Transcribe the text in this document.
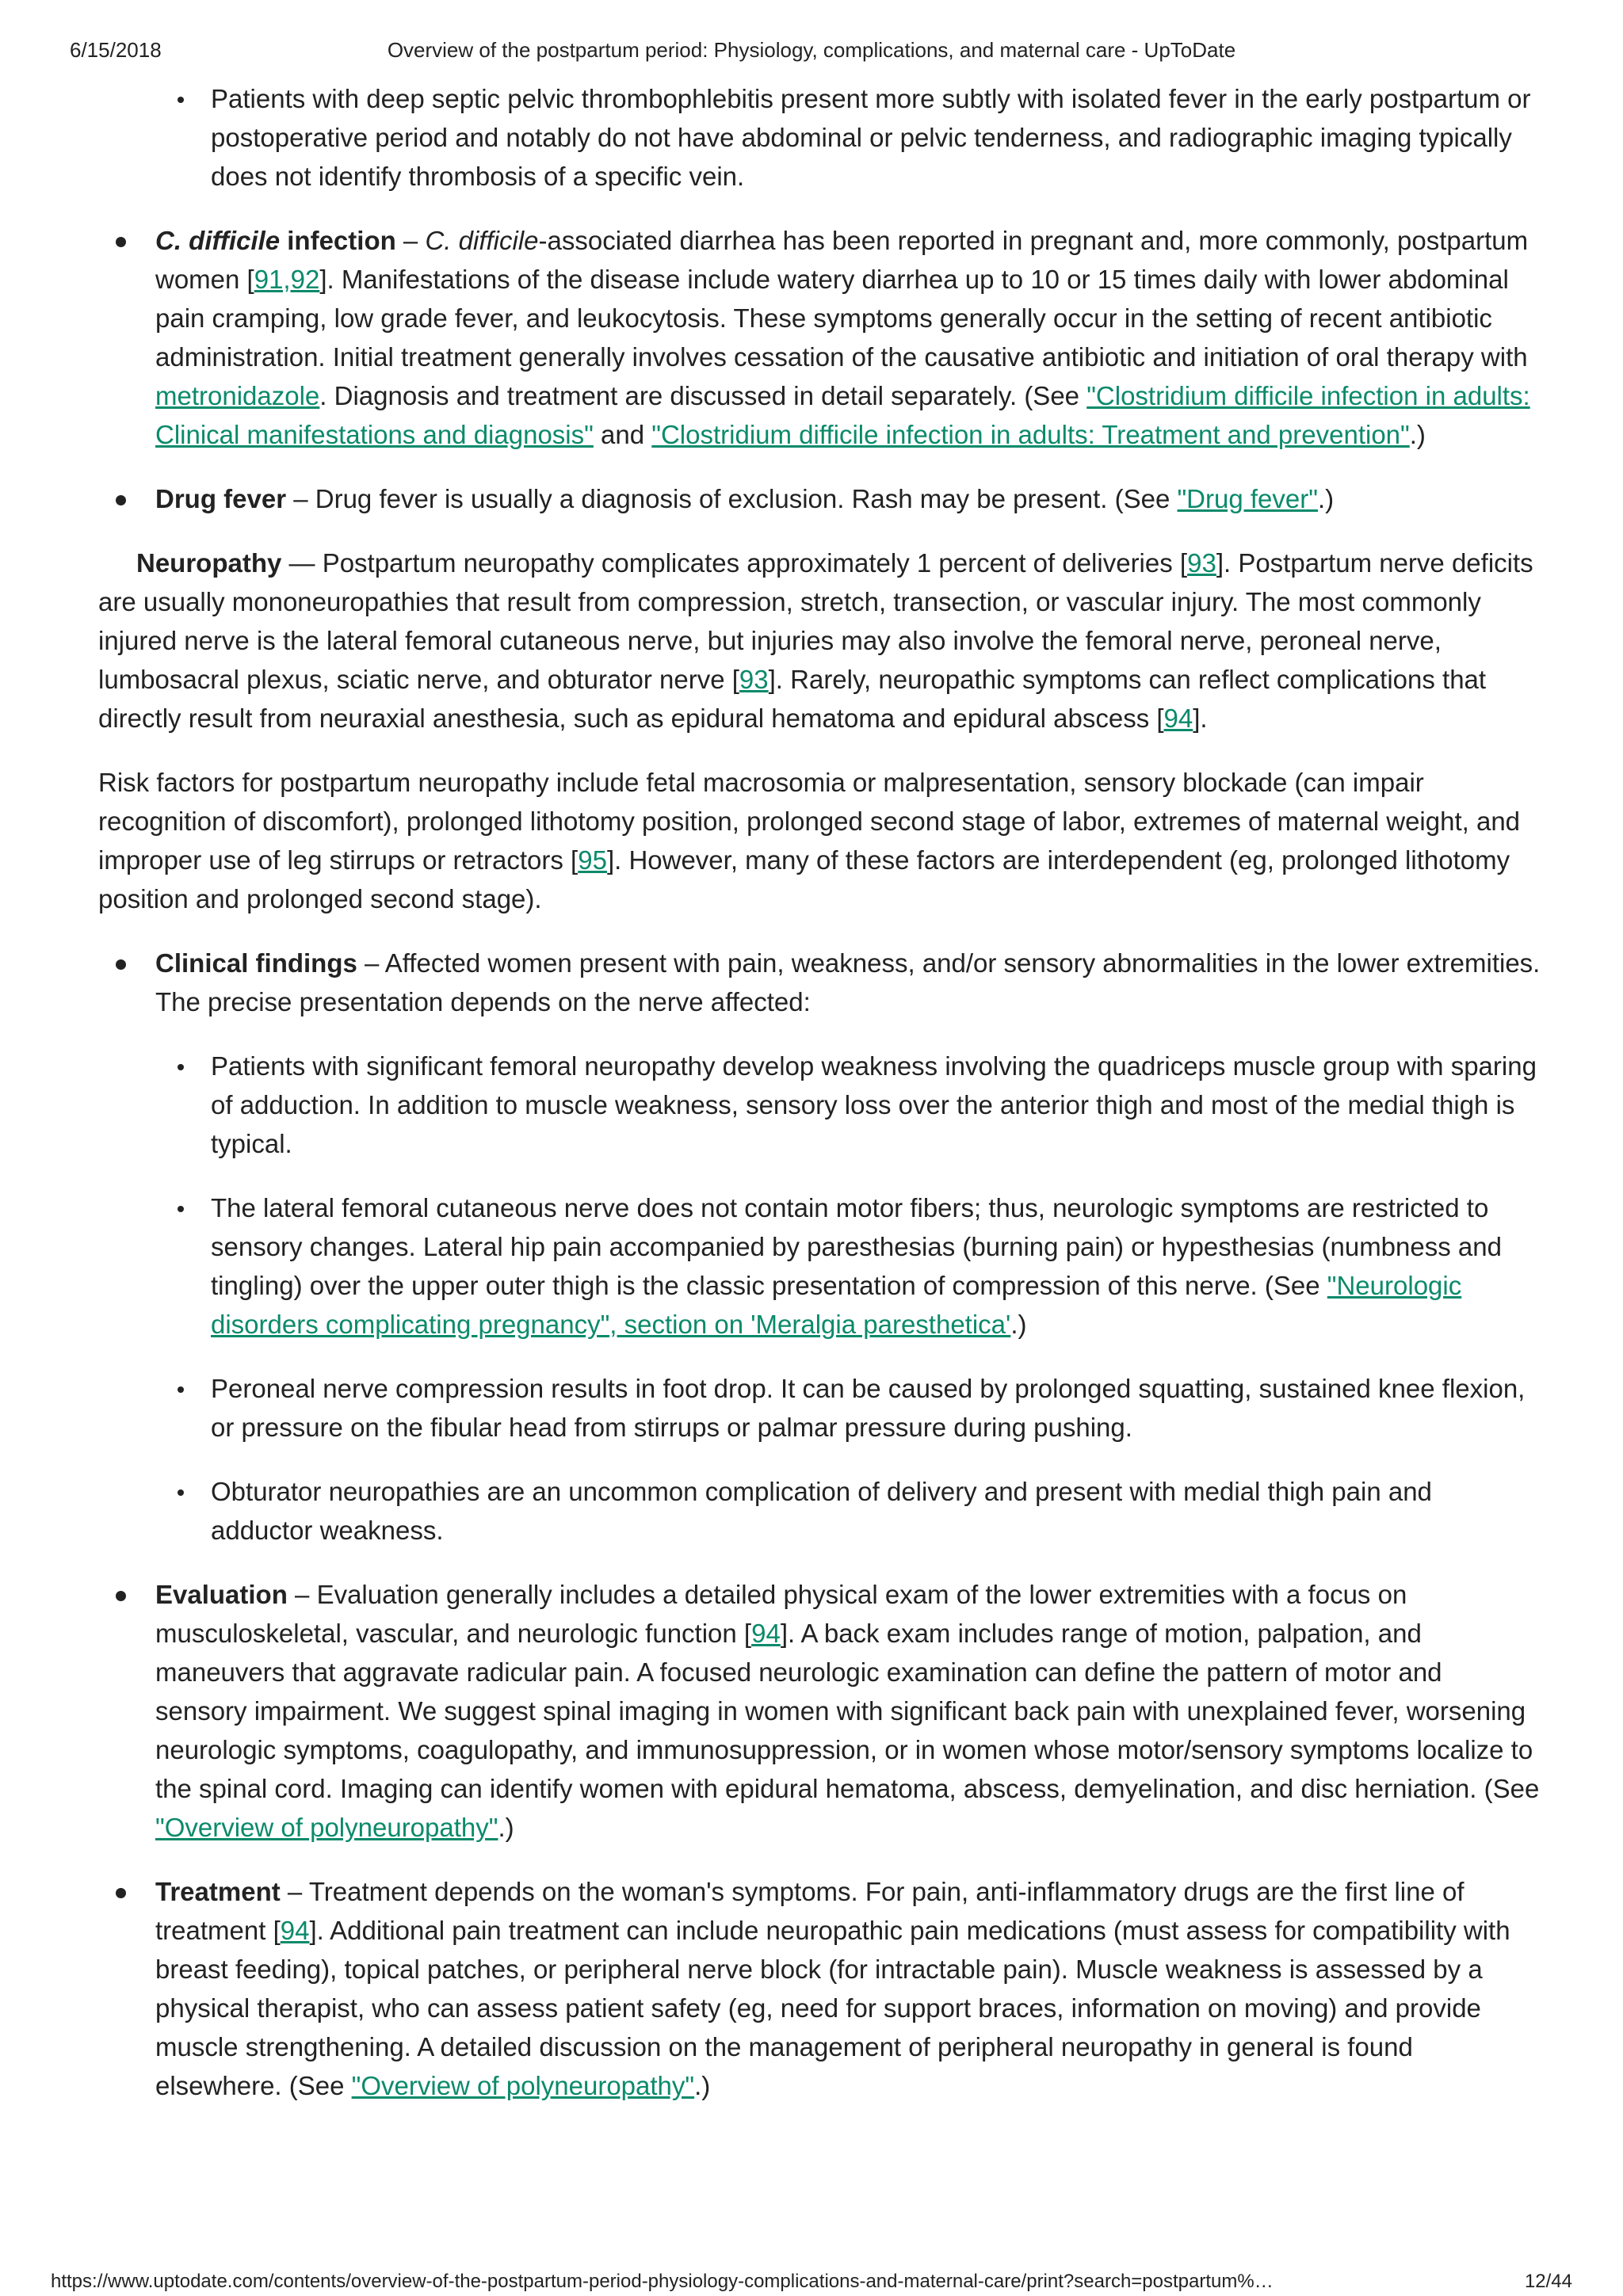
6/15/2018	Overview of the postpartum period: Physiology, complications, and maternal care - UpToDate

Patients with deep septic pelvic thrombophlebitis present more subtly with isolated fever in the early postpartum or postoperative period and notably do not have abdominal or pelvic tenderness, and radiographic imaging typically does not identify thrombosis of a specific vein.

C. difficile infection – C. difficile-associated diarrhea has been reported in pregnant and, more commonly, postpartum women [91,92]. Manifestations of the disease include watery diarrhea up to 10 or 15 times daily with lower abdominal pain cramping, low grade fever, and leukocytosis. These symptoms generally occur in the setting of recent antibiotic administration. Initial treatment generally involves cessation of the causative antibiotic and initiation of oral therapy with metronidazole. Diagnosis and treatment are discussed in detail separately. (See "Clostridium difficile infection in adults: Clinical manifestations and diagnosis" and "Clostridium difficile infection in adults: Treatment and prevention".)

Drug fever – Drug fever is usually a diagnosis of exclusion. Rash may be present. (See "Drug fever".)

Neuropathy — Postpartum neuropathy complicates approximately 1 percent of deliveries [93]. Postpartum nerve deficits are usually mononeuropathies that result from compression, stretch, transection, or vascular injury. The most commonly injured nerve is the lateral femoral cutaneous nerve, but injuries may also involve the femoral nerve, peroneal nerve, lumbosacral plexus, sciatic nerve, and obturator nerve [93]. Rarely, neuropathic symptoms can reflect complications that directly result from neuraxial anesthesia, such as epidural hematoma and epidural abscess [94].

Risk factors for postpartum neuropathy include fetal macrosomia or malpresentation, sensory blockade (can impair recognition of discomfort), prolonged lithotomy position, prolonged second stage of labor, extremes of maternal weight, and improper use of leg stirrups or retractors [95]. However, many of these factors are interdependent (eg, prolonged lithotomy position and prolonged second stage).

Clinical findings – Affected women present with pain, weakness, and/or sensory abnormalities in the lower extremities. The precise presentation depends on the nerve affected:

Patients with significant femoral neuropathy develop weakness involving the quadriceps muscle group with sparing of adduction. In addition to muscle weakness, sensory loss over the anterior thigh and most of the medial thigh is typical.

The lateral femoral cutaneous nerve does not contain motor fibers; thus, neurologic symptoms are restricted to sensory changes. Lateral hip pain accompanied by paresthesias (burning pain) or hypesthesias (numbness and tingling) over the upper outer thigh is the classic presentation of compression of this nerve. (See "Neurologic disorders complicating pregnancy", section on 'Meralgia paresthetica'.)

Peroneal nerve compression results in foot drop. It can be caused by prolonged squatting, sustained knee flexion, or pressure on the fibular head from stirrups or palmar pressure during pushing.

Obturator neuropathies are an uncommon complication of delivery and present with medial thigh pain and adductor weakness.

Evaluation – Evaluation generally includes a detailed physical exam of the lower extremities with a focus on musculoskeletal, vascular, and neurologic function [94]. A back exam includes range of motion, palpation, and maneuvers that aggravate radicular pain. A focused neurologic examination can define the pattern of motor and sensory impairment. We suggest spinal imaging in women with significant back pain with unexplained fever, worsening neurologic symptoms, coagulopathy, and immunosuppression, or in women whose motor/sensory symptoms localize to the spinal cord. Imaging can identify women with epidural hematoma, abscess, demyelination, and disc herniation. (See "Overview of polyneuropathy".)

Treatment – Treatment depends on the woman's symptoms. For pain, anti-inflammatory drugs are the first line of treatment [94]. Additional pain treatment can include neuropathic pain medications (must assess for compatibility with breast feeding), topical patches, or peripheral nerve block (for intractable pain). Muscle weakness is assessed by a physical therapist, who can assess patient safety (eg, need for support braces, information on moving) and provide muscle strengthening. A detailed discussion on the management of peripheral neuropathy in general is found elsewhere. (See "Overview of polyneuropathy".)

https://www.uptodate.com/contents/overview-of-the-postpartum-period-physiology-complications-and-maternal-care/print?search=postpartum%…	12/44
